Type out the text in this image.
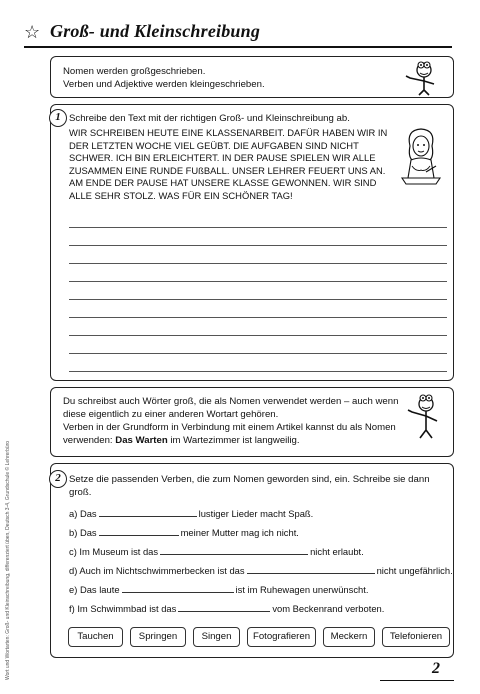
☆ Groß- und Kleinschreibung
Nomen werden großgeschrieben.
Verben und Adjektive werden kleingeschrieben.
1 Schreibe den Text mit der richtigen Groß- und Kleinschreibung ab.
WIR SCHREIBEN HEUTE EINE KLASSENARBEIT. DAFÜR HABEN WIR IN DER LETZTEN WOCHE VIEL GEÜBT. DIE AUFGABEN SIND NICHT SCHWER. ICH BIN ERLEICHTERT. IN DER PAUSE SPIELEN WIR ALLE ZUSAMMEN EINE RUNDE FUßBALL. UNSER LEHRER FEUERT UNS AN. AM ENDE DER PAUSE HAT UNSERE KLASSE GEWONNEN. WIR SIND ALLE SEHR STOLZ. WAS FÜR EIN SCHÖNER TAG!
Du schreibst auch Wörter groß, die als Nomen verwendet werden – auch wenn
diese eigentlich zu einer anderen Wortart gehören.
Verben in der Grundform in Verbindung mit einem Artikel kannst du als Nomen
verwenden: Das Warten im Wartezimmer ist langweilig.
2 Setze die passenden Verben, die zum Nomen geworden sind, ein. Schreibe sie dann groß.
a) Das	lustiger Lieder macht Spaß.
b) Das	meiner Mutter mag ich nicht.
c) Im Museum ist das	nicht erlaubt.
d) Auch im Nichtschwimmerbecken ist das	nicht ungefährlich.
e) Das laute	ist im Ruhewagen unerwünscht.
f) Im Schwimmbad ist das	vom Beckenrand verboten.
Tauchen	Springen	Singen	Fotografieren	Meckern	Telefonieren
Wort und Wortarten: Groß- und Kleinschreibung, differenziert üben, Deutsch 3-4, Grundschule © Lehrerbüro	2
